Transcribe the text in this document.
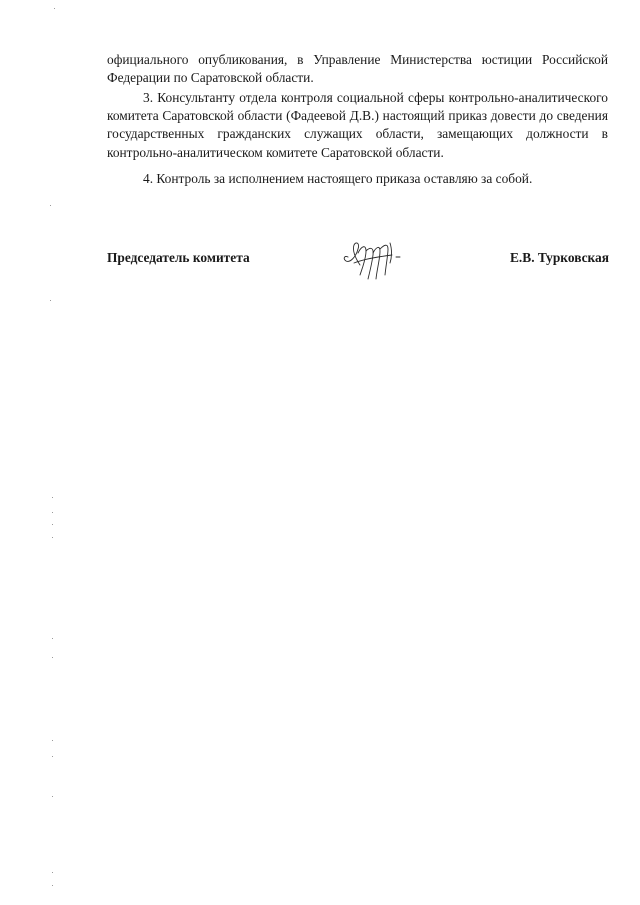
официального опубликования, в Управление Министерства юстиции Российской Федерации по Саратовской области.

3. Консультанту отдела контроля социальной сферы контрольно-аналитического комитета Саратовской области (Фадеевой Д.В.) настоящий приказ довести до сведения государственных гражданских служащих области, замещающих должности в контрольно-аналитическом комитете Саратовской области.

4. Контроль за исполнением настоящего приказа оставляю за собой.

Председатель комитета	Е.В. Турковская
